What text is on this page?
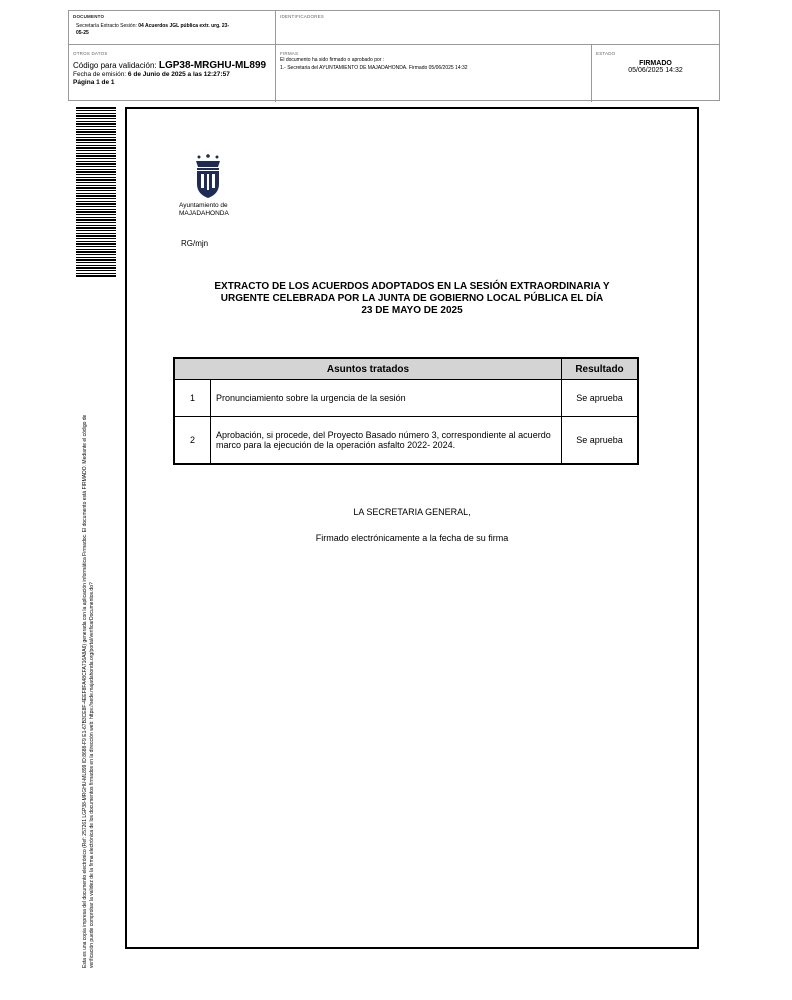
DOCUMENTO
Secretaría Extracto Sesión: 04 Acuerdos JGL pública extr. urg. 23-05-25
IDENTIFICADORES
OTROS DATOS
Código para validación: LGP38-MRGHU-ML899
Fecha de emisión: 6 de Junio de 2025 a las 12:27:57
Página 1 de 1
FIRMAS
El documento ha sido firmado o aprobado por :
1.- Secretaria del AYUNTAMIENTO DE MAJADAHONDA. Firmado 05/06/2025 14:32
ESTADO
FIRMADO
05/06/2025 14:32
Esta es una copia impresa del documento electrónico (Ref: 257261 LGP38-MRGHU-ML899 ID:8688-F9 E1-67B3CE8F-4EEF8FA48CFA716A8A6) generada con la aplicación informática Firmadoc. El documento está FIRMADO. Mediante el código de verificación puede comprobar la validez de la firma electrónica de los documentos firmados en la dirección web: https://sede.majadahonda.org/portal/verificarDocumentos.do?
Ayuntamiento de
MAJADAHONDA
RG/mjn
EXTRACTO DE LOS ACUERDOS ADOPTADOS EN LA SESIÓN EXTRAORDINARIA Y
URGENTE CELEBRADA POR LA JUNTA DE GOBIERNO LOCAL PÚBLICA EL DÍA
23 DE MAYO DE 2025
Asuntos tratados		Resultado
1	Pronunciamiento sobre la urgencia de la sesión	Se aprueba
2	Aprobación, si procede, del Proyecto Basado número 3, correspondiente al acuerdo marco para la ejecución de la operación asfalto 2022- 2024.	Se aprueba
LA SECRETARIA GENERAL,
Firmado electrónicamente a la fecha de su firma
